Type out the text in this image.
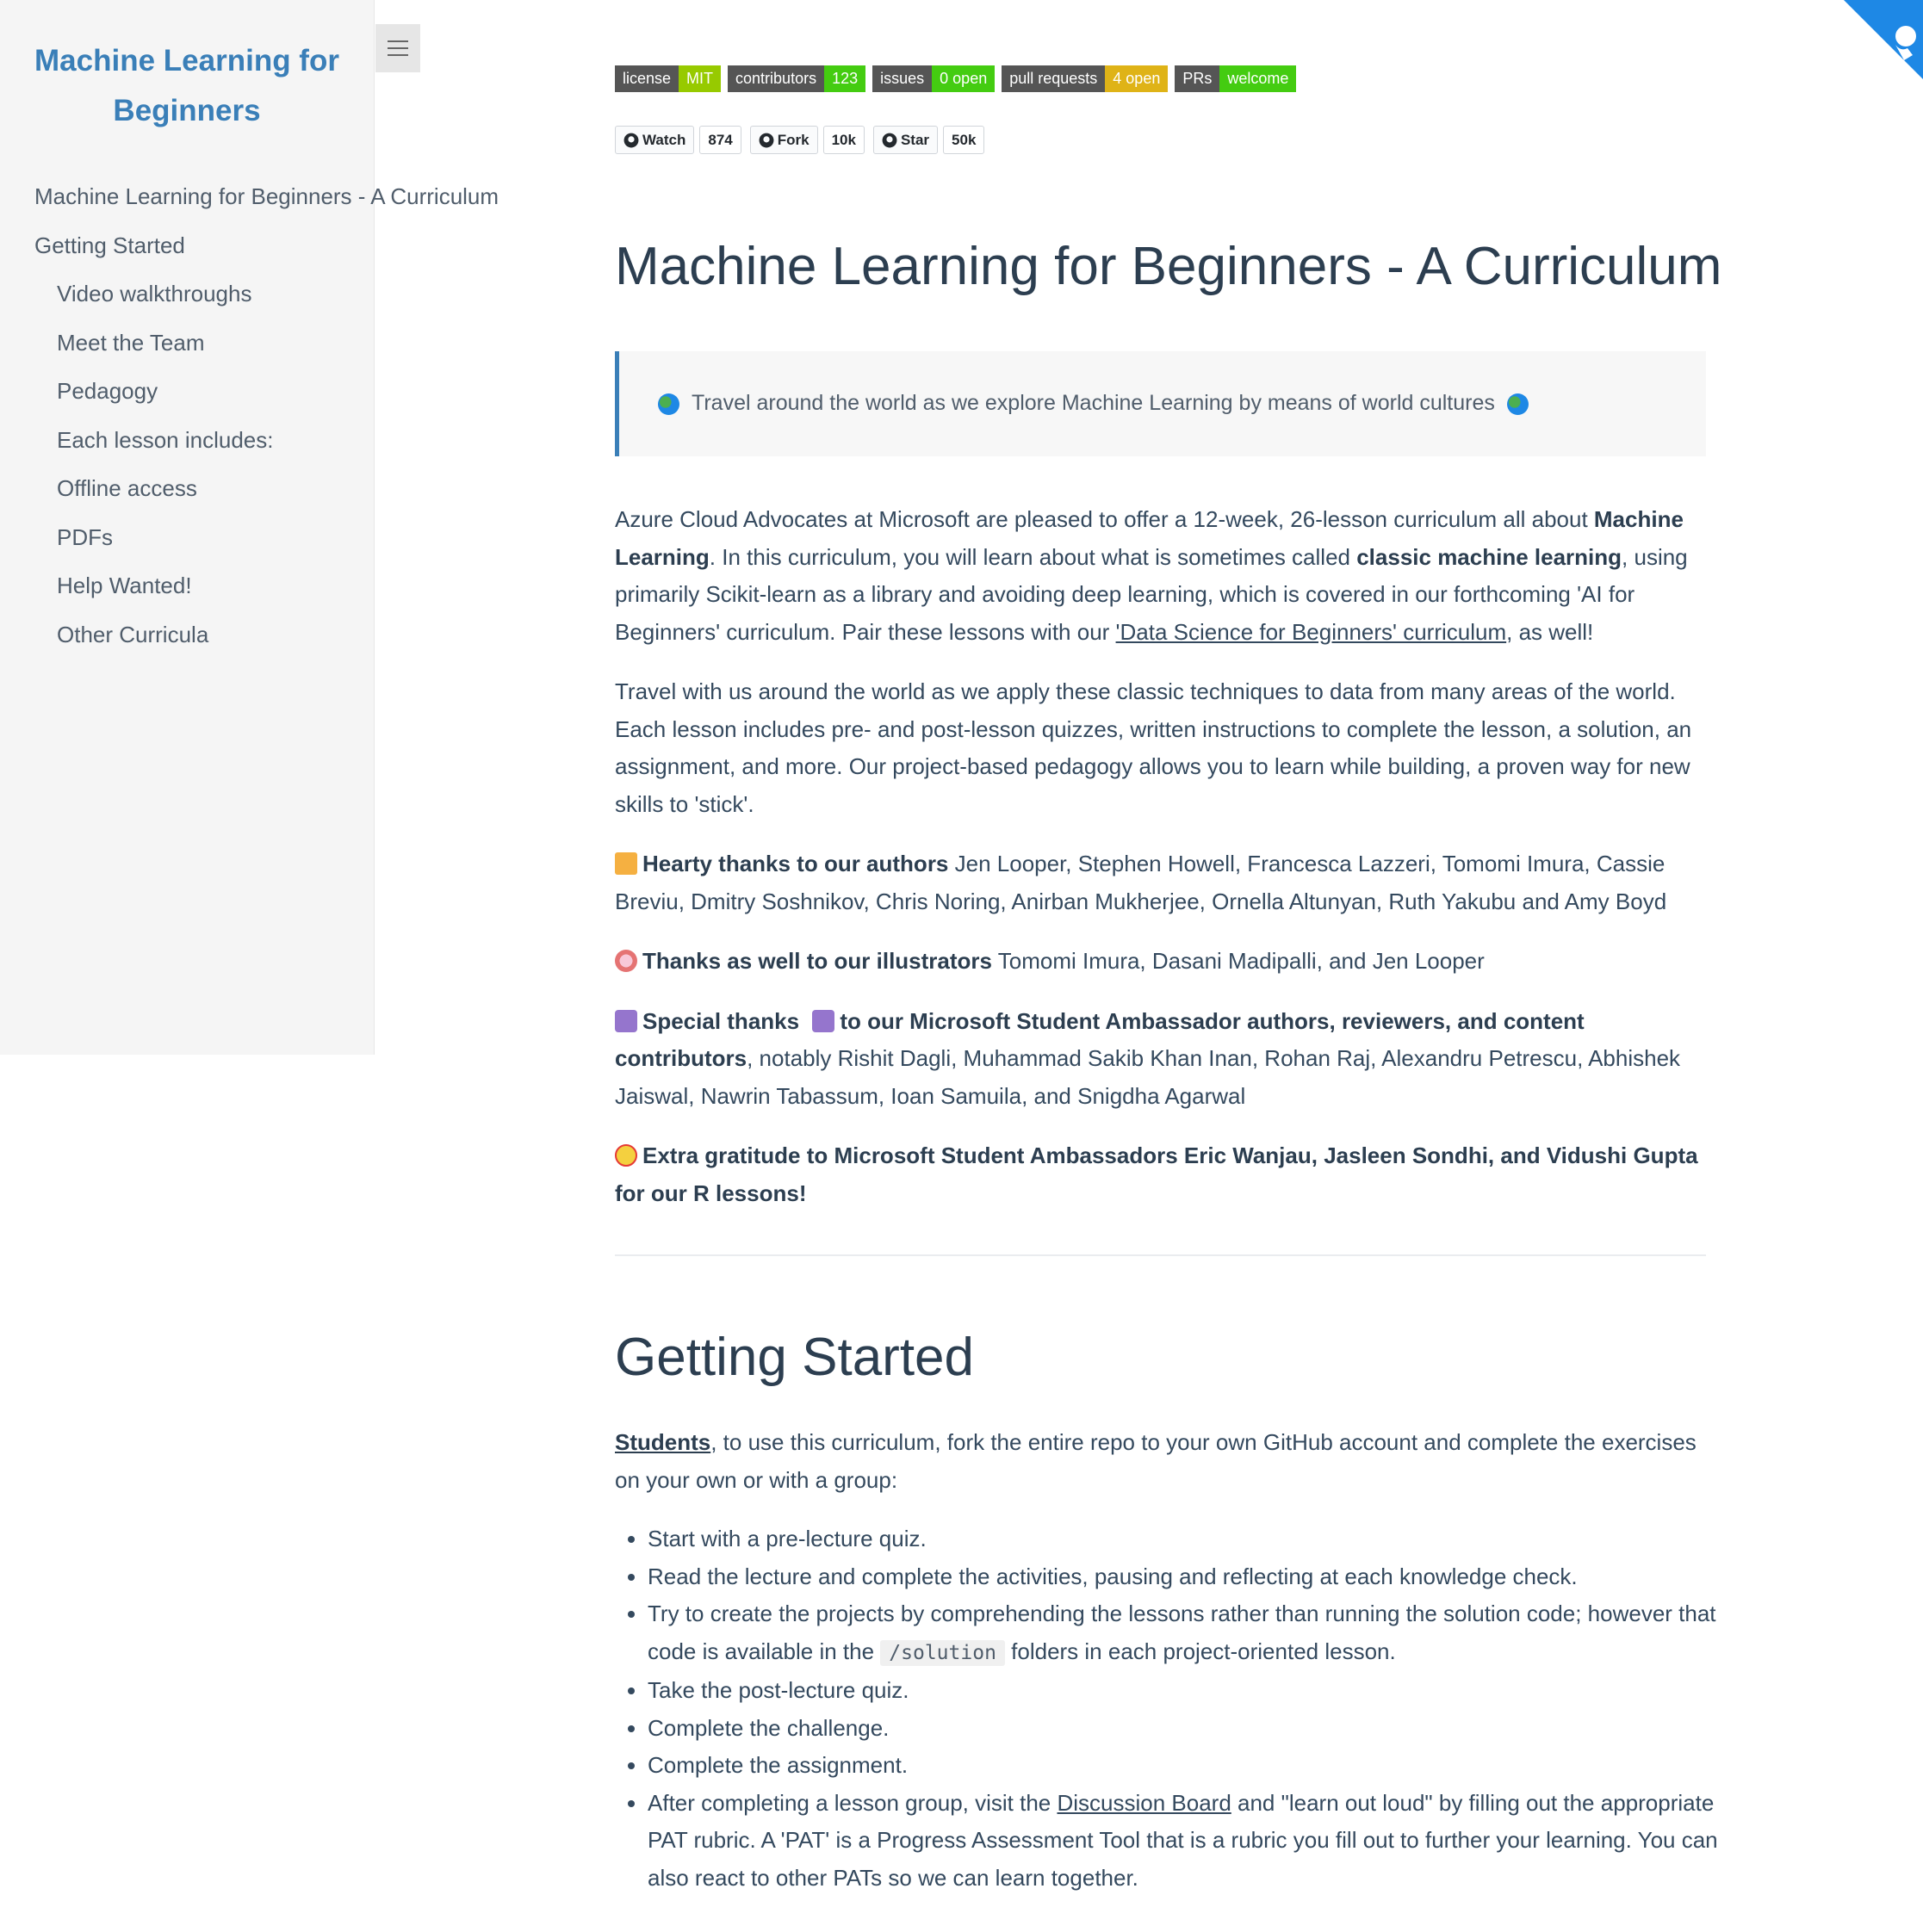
Machine Learning for Beginners
Machine Learning for Beginners - A Curriculum
Getting Started
Video walkthroughs
Meet the Team
Pedagogy
Each lesson includes:
Offline access
PDFs
Help Wanted!
Other Curricula
license	MIT	contributors	123	issues	0 open	pull requests	4 open	PRs	welcome
Watch	874	Fork	10k	Star	50k
Machine Learning for Beginners - A Curriculum
Travel around the world as we explore Machine Learning by means of world cultures

Azure Cloud Advocates at Microsoft are pleased to offer a 12-week, 26-lesson curriculum all about Machine Learning. In this curriculum, you will learn about what is sometimes called classic machine learning, using primarily Scikit-learn as a library and avoiding deep learning, which is covered in our forthcoming 'AI for Beginners' curriculum. Pair these lessons with our 'Data Science for Beginners' curriculum, as well!

Travel with us around the world as we apply these classic techniques to data from many areas of the world. Each lesson includes pre- and post-lesson quizzes, written instructions to complete the lesson, a solution, an assignment, and more. Our project-based pedagogy allows you to learn while building, a proven way for new skills to 'stick'.

Hearty thanks to our authors Jen Looper, Stephen Howell, Francesca Lazzeri, Tomomi Imura, Cassie Breviu, Dmitry Soshnikov, Chris Noring, Anirban Mukherjee, Ornella Altunyan, Ruth Yakubu and Amy Boyd

Thanks as well to our illustrators Tomomi Imura, Dasani Madipalli, and Jen Looper

Special thanks to our Microsoft Student Ambassador authors, reviewers, and content contributors, notably Rishit Dagli, Muhammad Sakib Khan Inan, Rohan Raj, Alexandru Petrescu, Abhishek Jaiswal, Nawrin Tabassum, Ioan Samuila, and Snigdha Agarwal

Extra gratitude to Microsoft Student Ambassadors Eric Wanjau, Jasleen Sondhi, and Vidushi Gupta for our R lessons!

Getting Started

Students, to use this curriculum, fork the entire repo to your own GitHub account and complete the exercises on your own or with a group:

• Start with a pre-lecture quiz.
• Read the lecture and complete the activities, pausing and reflecting at each knowledge check.
• Try to create the projects by comprehending the lessons rather than running the solution code; however that code is available in the /solution folders in each project-oriented lesson.
• Take the post-lecture quiz.
• Complete the challenge.
• Complete the assignment.
• After completing a lesson group, visit the Discussion Board and "learn out loud" by filling out the appropriate PAT rubric. A 'PAT' is a Progress Assessment Tool that is a rubric you fill out to further your learning. You can also react to other PATs so we can learn together.
